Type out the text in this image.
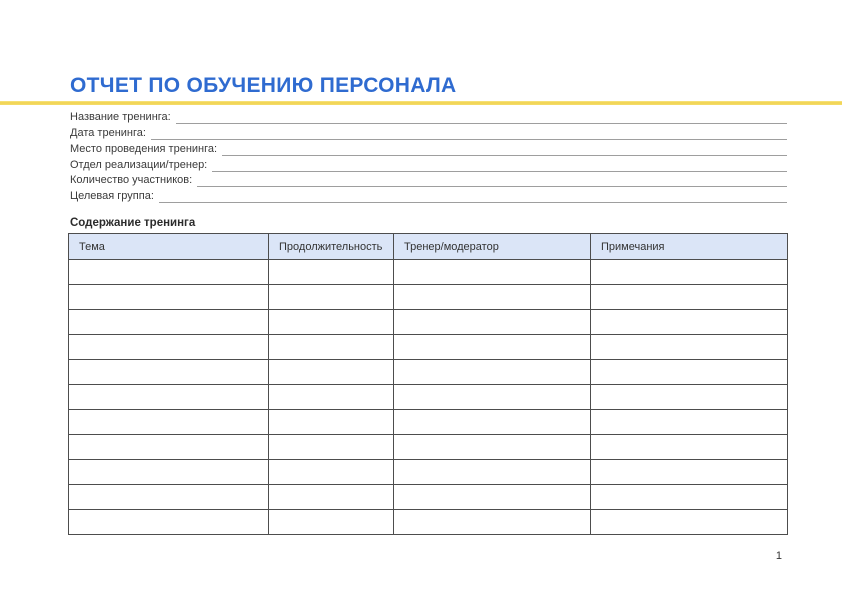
ОТЧЕТ ПО ОБУЧЕНИЮ ПЕРСОНАЛА
Название тренинга:
Дата тренинга:
Место проведения тренинга:
Отдел реализации/тренер:
Количество участников:
Целевая группа:
Содержание тренинга
Тема	Продолжительность	Тренер/модератор	Примечания

1
